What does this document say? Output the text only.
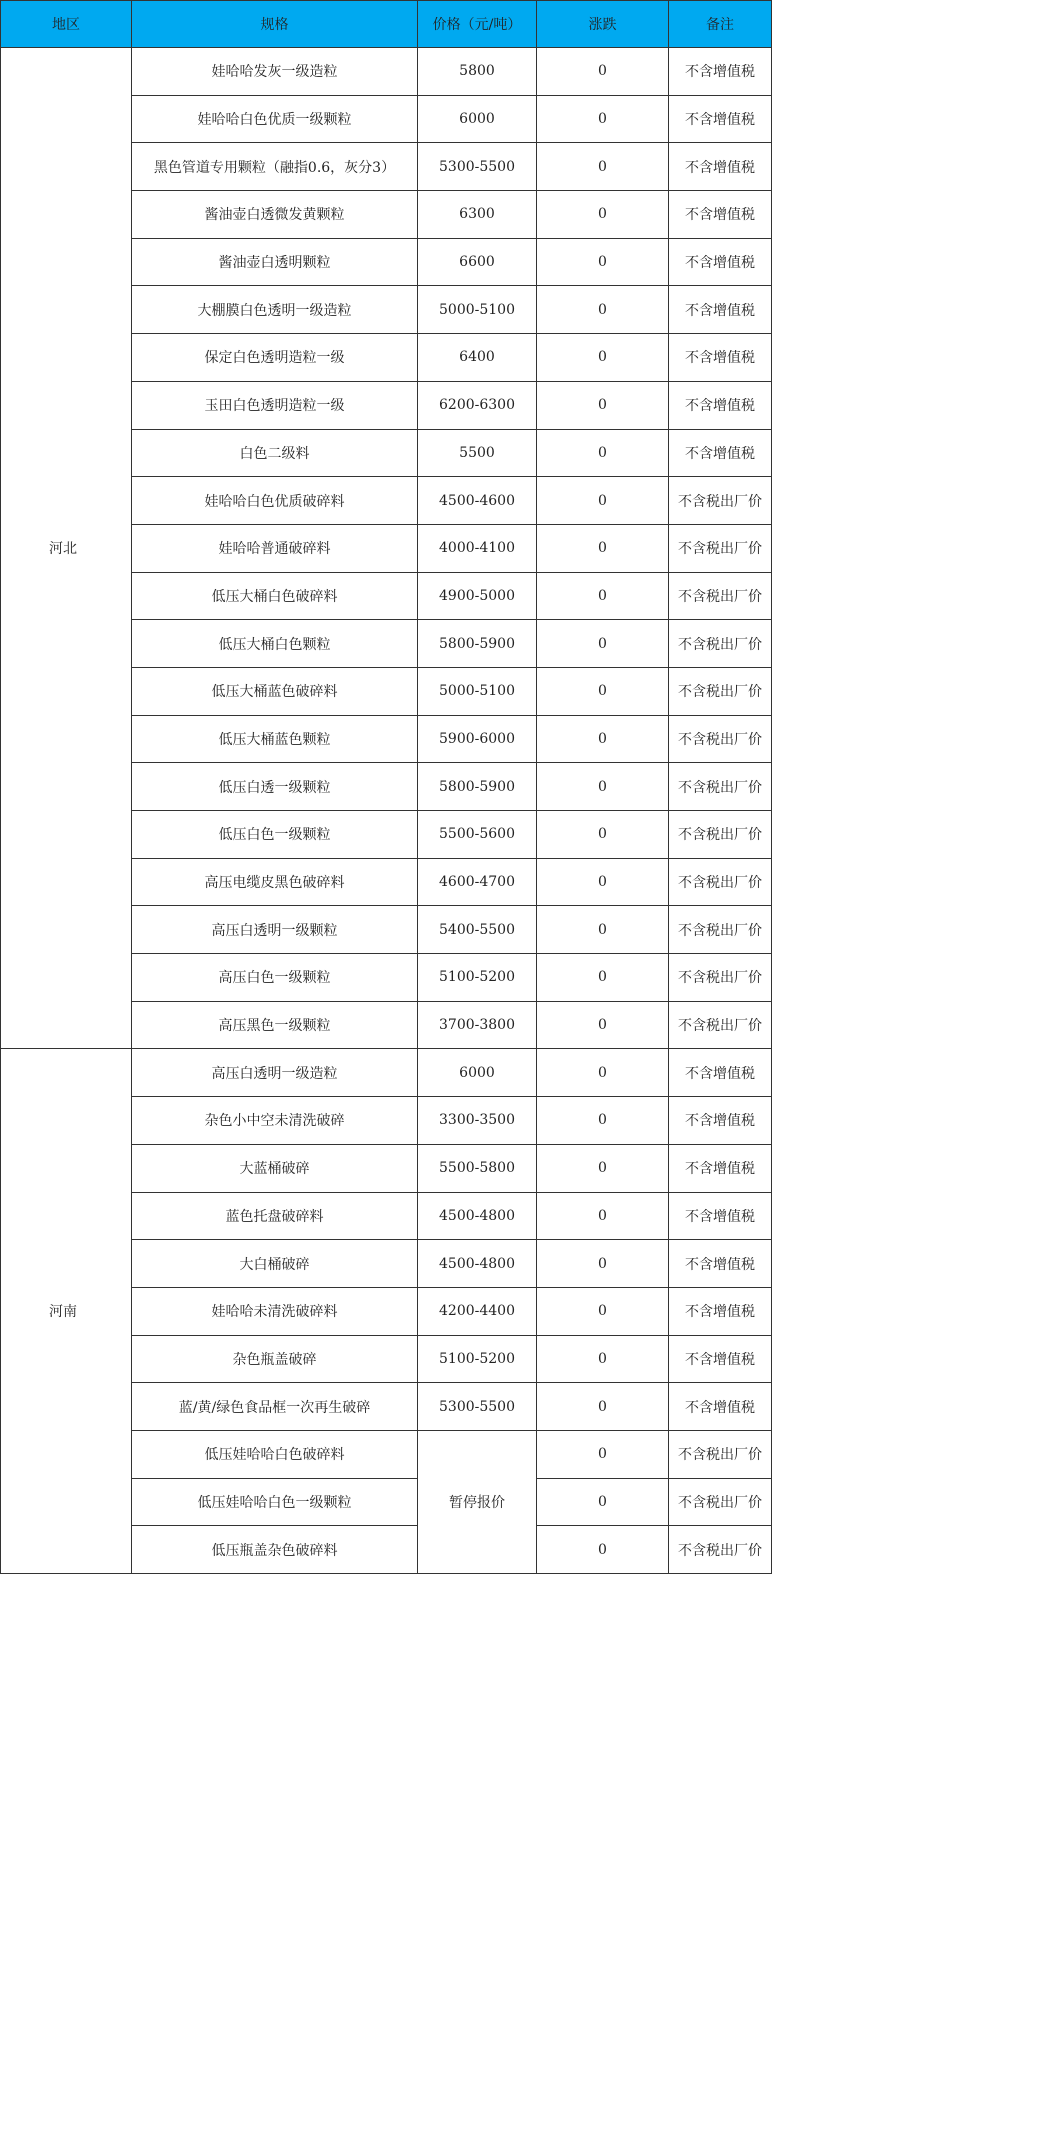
地区	规格	价格（元/吨）	涨跌	备注
河北	娃哈哈发灰一级造粒	5800	0	不含增值税
	娃哈哈白色优质一级颗粒	6000	0	不含增值税
	黑色管道专用颗粒（融指0.6，灰分3）	5300-5500	0	不含增值税
	酱油壶白透微发黄颗粒	6300	0	不含增值税
	酱油壶白透明颗粒	6600	0	不含增值税
	大棚膜白色透明一级造粒	5000-5100	0	不含增值税
	保定白色透明造粒一级	6400	0	不含增值税
	玉田白色透明造粒一级	6200-6300	0	不含增值税
	白色二级料	5500	0	不含增值税
	娃哈哈白色优质破碎料	4500-4600	0	不含税出厂价
	娃哈哈普通破碎料	4000-4100	0	不含税出厂价
	低压大桶白色破碎料	4900-5000	0	不含税出厂价
	低压大桶白色颗粒	5800-5900	0	不含税出厂价
	低压大桶蓝色破碎料	5000-5100	0	不含税出厂价
	低压大桶蓝色颗粒	5900-6000	0	不含税出厂价
	低压白透一级颗粒	5800-5900	0	不含税出厂价
	低压白色一级颗粒	5500-5600	0	不含税出厂价
	高压电缆皮黑色破碎料	4600-4700	0	不含税出厂价
	高压白透明一级颗粒	5400-5500	0	不含税出厂价
	高压白色一级颗粒	5100-5200	0	不含税出厂价
	高压黑色一级颗粒	3700-3800	0	不含税出厂价
河南	高压白透明一级造粒	6000	0	不含增值税
	杂色小中空未清洗破碎	3300-3500	0	不含增值税
	大蓝桶破碎	5500-5800	0	不含增值税
	蓝色托盘破碎料	4500-4800	0	不含增值税
	大白桶破碎	4500-4800	0	不含增值税
	娃哈哈未清洗破碎料	4200-4400	0	不含增值税
	杂色瓶盖破碎	5100-5200	0	不含增值税
	蓝/黄/绿色食品框一次再生破碎	5300-5500	0	不含增值税
	低压娃哈哈白色破碎料	暂停报价	0	不含税出厂价
	低压娃哈哈白色一级颗粒		0	不含税出厂价
	低压瓶盖杂色破碎料		0	不含税出厂价
